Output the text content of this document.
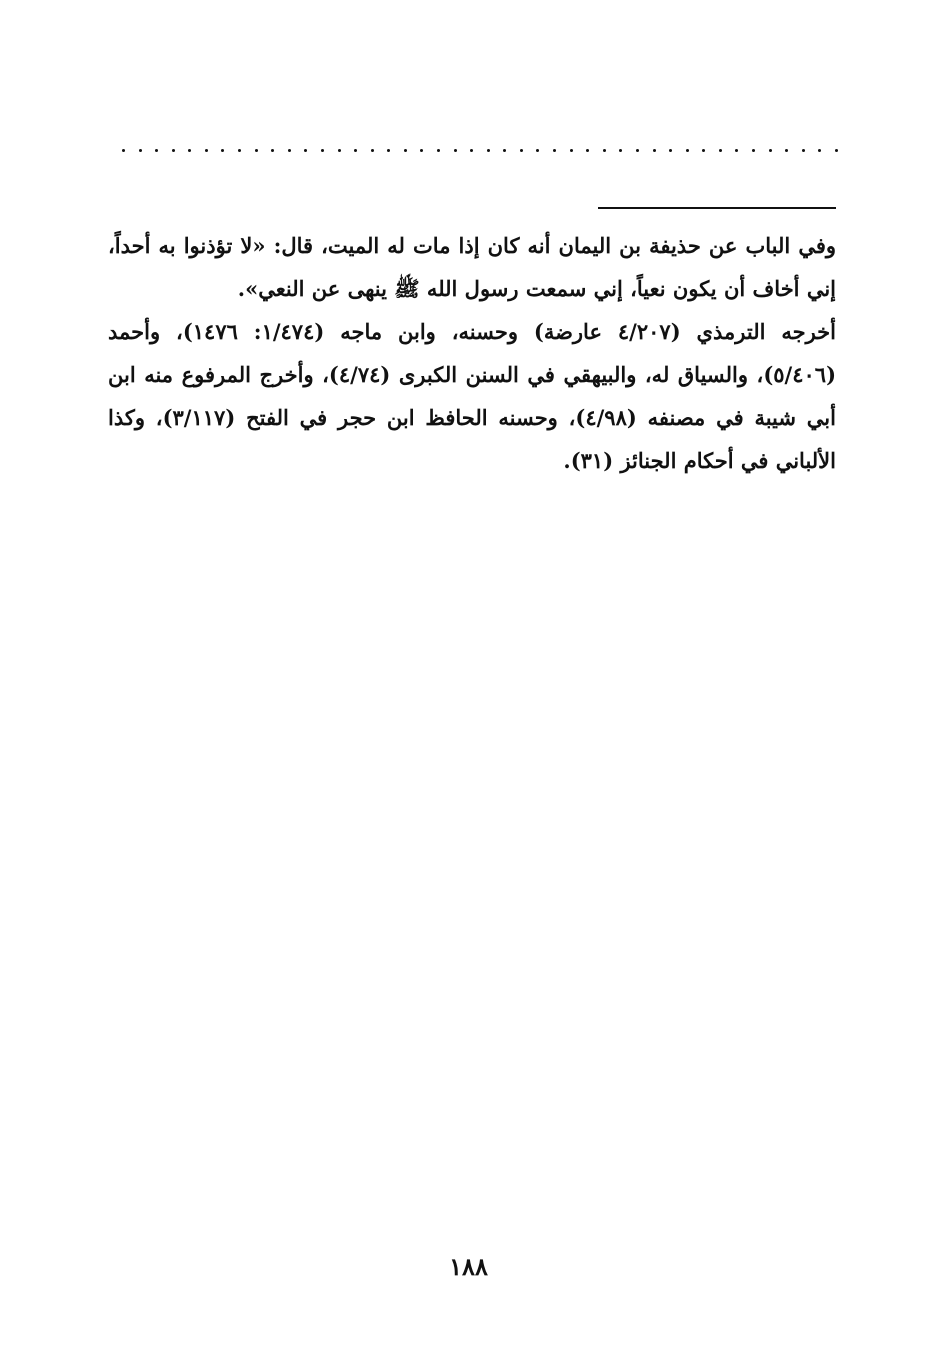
وفي الباب عن حذيفة بن اليمان أنه كان إذا مات له الميت، قال: «لا تؤذنوا به أحداً، إني أخاف أن يكون نعياً، إني سمعت رسول الله ﷺ ينهى عن النعي».

أخرجه الترمذي (٤/٢٠٧ عارضة) وحسنه، وابن ماجه (١/٤٧٤: ١٤٧٦)، وأحمد (٥/٤٠٦)، والسياق له، والبيهقي في السنن الكبرى (٤/٧٤)، وأخرج المرفوع منه ابن أبي شيبة في مصنفه (٤/٩٨)، وحسنه الحافظ ابن حجر في الفتح (٣/١١٧)، وكذا الألباني في أحكام الجنائز (٣١).

١٨٨
